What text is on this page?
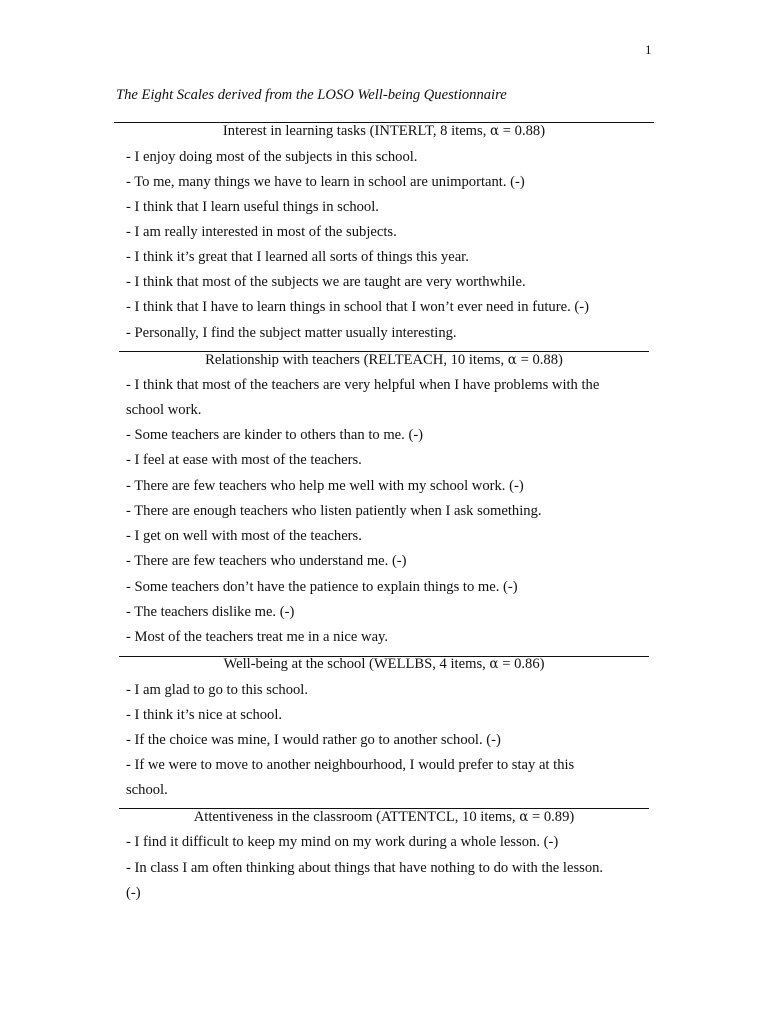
1
The Eight Scales derived from the LOSO Well-being Questionnaire
Interest in learning tasks (INTERLT, 8 items, α = 0.88)
- I enjoy doing most of the subjects in this school.
- To me, many things we have to learn in school are unimportant. (-)
- I think that I learn useful things in school.
- I am really interested in most of the subjects.
- I think it’s great that I learned all sorts of things this year.
- I think that most of the subjects we are taught are very worthwhile.
- I think that I have to learn things in school that I won’t ever need in future. (-)
- Personally, I find the subject matter usually interesting.
Relationship with teachers (RELTEACH, 10 items, α = 0.88)
- I think that most of the teachers are very helpful when I have problems with the
school work.
- Some teachers are kinder to others than to me. (-)
- I feel at ease with most of the teachers.
- There are few teachers who help me well with my school work. (-)
- There are enough teachers who listen patiently when I ask something.
- I get on well with most of the teachers.
- There are few teachers who understand me. (-)
- Some teachers don’t have the patience to explain things to me. (-)
- The teachers dislike me. (-)
- Most of the teachers treat me in a nice way.
Well-being at the school (WELLBS, 4 items, α = 0.86)
- I am glad to go to this school.
- I think it’s nice at school.
- If the choice was mine, I would rather go to another school. (-)
- If we were to move to another neighbourhood, I would prefer to stay at this
school.
Attentiveness in the classroom (ATTENTCL, 10 items, α = 0.89)
- I find it difficult to keep my mind on my work during a whole lesson. (-)
- In class I am often thinking about things that have nothing to do with the lesson.
(-)
